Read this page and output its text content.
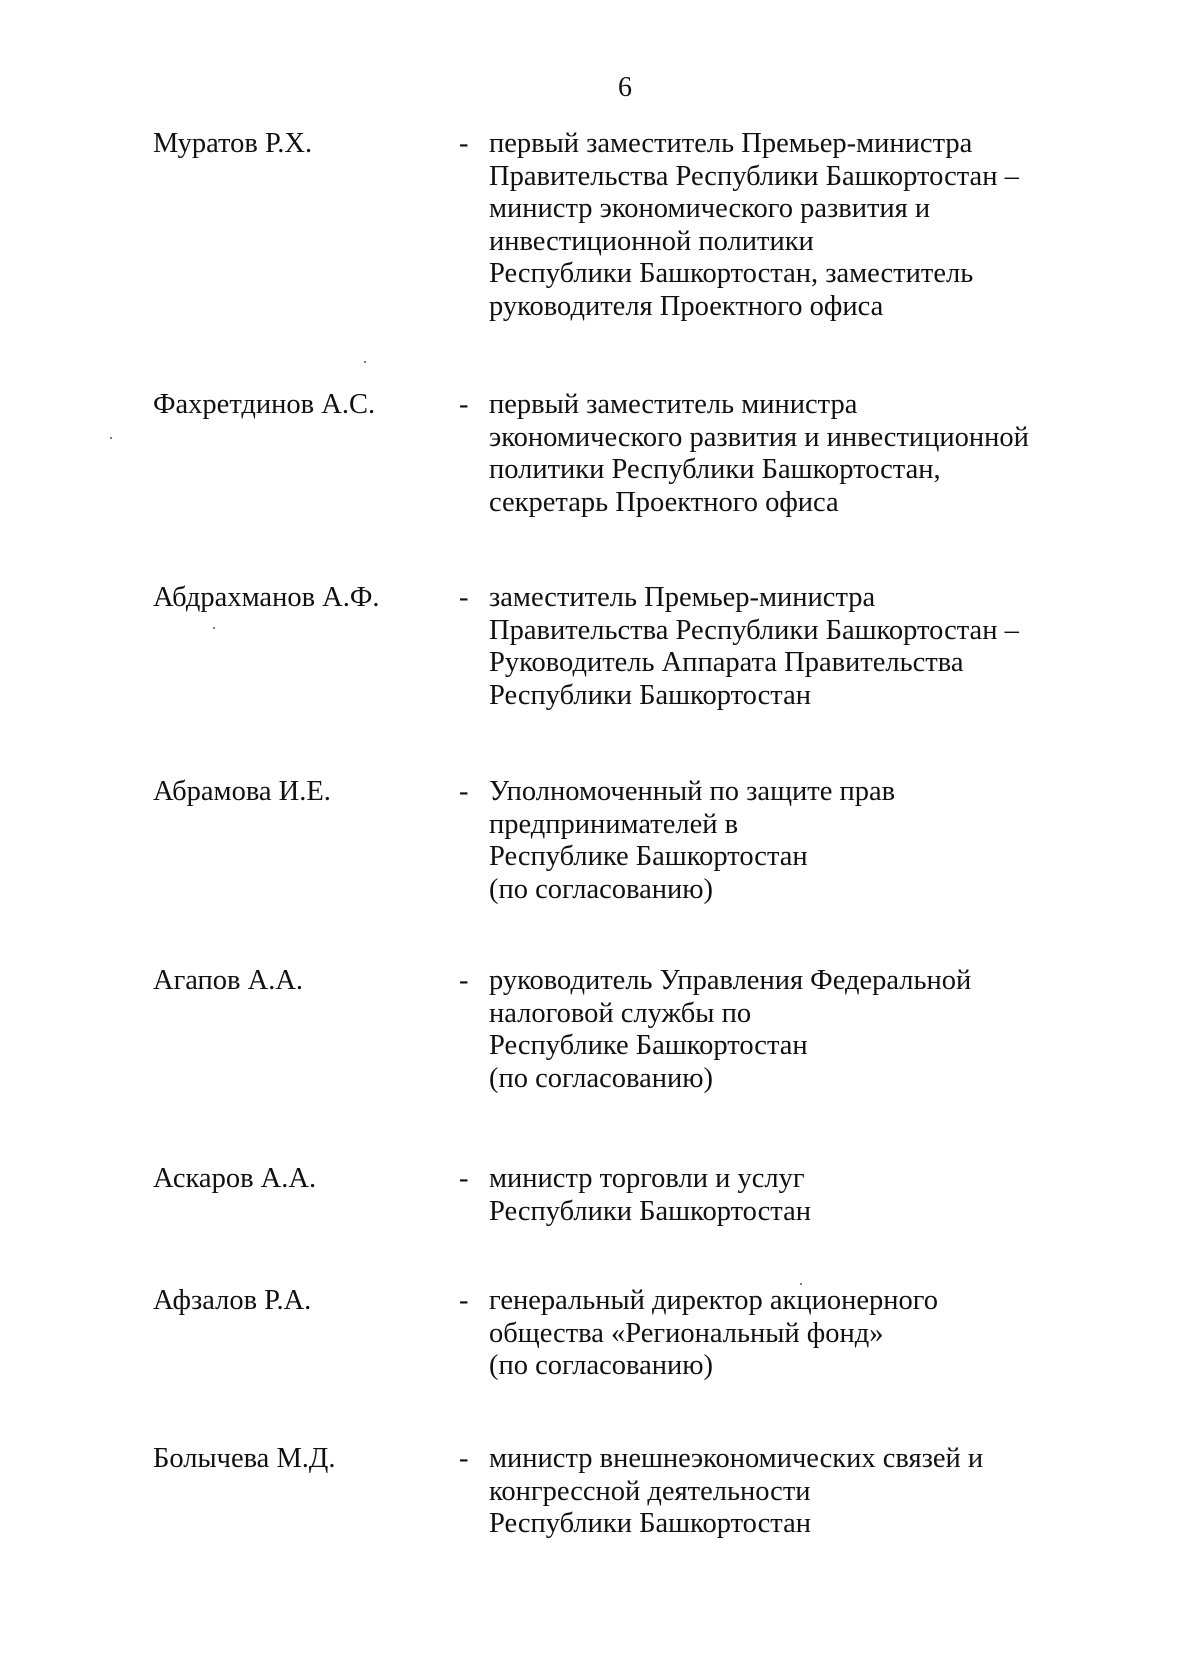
6
Муратов Р.Х.	- первый заместитель Премьер-министра
Правительства Республики Башкортостан –
министр экономического развития и
инвестиционной политики
Республики Башкортостан, заместитель
руководителя Проектного офиса
Фахретдинов А.С.	- первый заместитель министра
экономического развития и инвестиционной
политики Республики Башкортостан,
секретарь Проектного офиса
Абдрахманов А.Ф.	- заместитель Премьер-министра
Правительства Республики Башкортостан –
Руководитель Аппарата Правительства
Республики Башкортостан
Абрамова И.Е.	- Уполномоченный по защите прав
предпринимателей в
Республике Башкортостан
(по согласованию)
Агапов А.А.	- руководитель Управления Федеральной
налоговой службы по
Республике Башкортостан
(по согласованию)
Аскаров А.А.	- министр торговли и услуг
Республики Башкортостан
Афзалов Р.А.	- генеральный директор акционерного
общества «Региональный фонд»
(по согласованию)
Болычева М.Д.	- министр внешнеэкономических связей и
конгрессной деятельности
Республики Башкортостан
